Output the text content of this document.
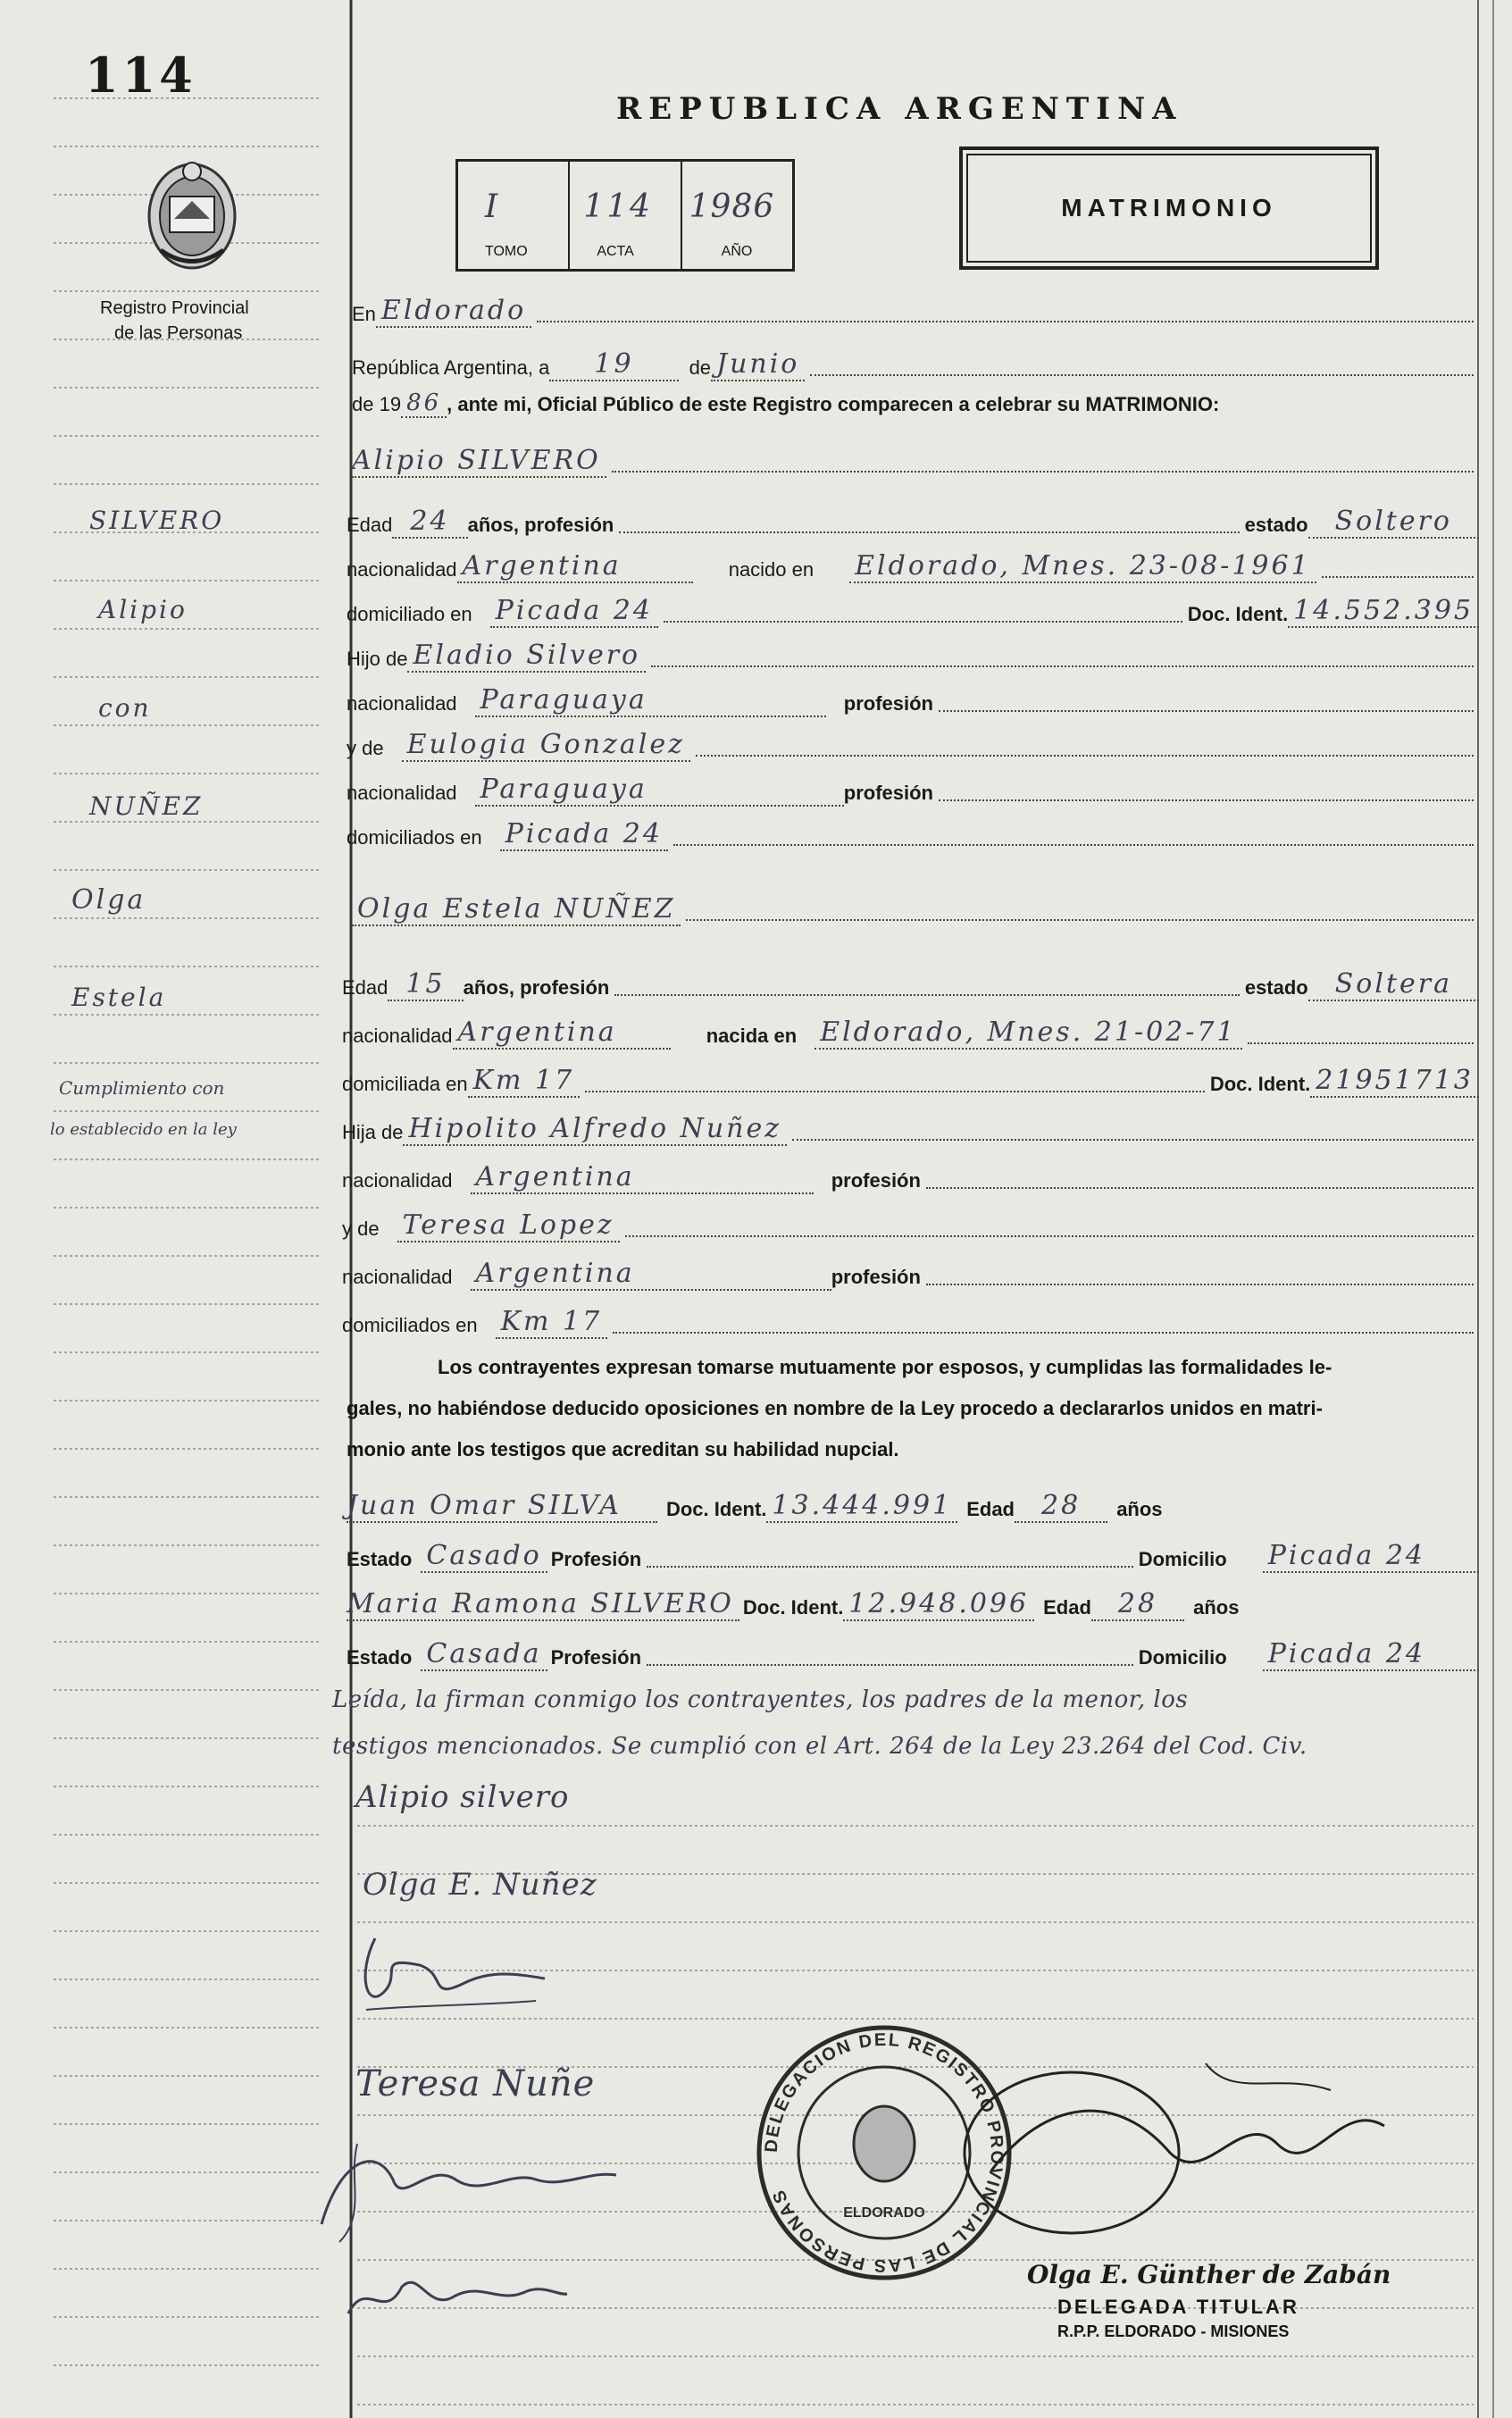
114
Registro Provincial
de las Personas
REPUBLICA ARGENTINA
I
TOMO
114
ACTA
1986
AÑO
MATRIMONIO
En Eldorado
República Argentina, a	19	de Junio
de 19 86 , ante mi, Oficial Público de este Registro comparecen a celebrar su MATRIMONIO:
Alipio SILVERO
Edad 24 años, profesión	estado	Soltero
nacionalidad Argentina	nacido en Eldorado, Mnes. 23-08-1961
domiciliado en Picada 24	Doc. Ident. 14.552.395
Hijo de Eladio Silvero
nacionalidad Paraguaya	profesión
y de Eulogia Gonzalez
nacionalidad Paraguaya	profesión
domiciliados en Picada 24
Olga Estela NUÑEZ
Edad 15 años, profesión	estado	Soltera
nacionalidad Argentina	nacida en Eldorado, Mnes. 21-02-71
domiciliada en Km 17	Doc. Ident. 21951713
Hija de Hipolito Alfredo Nuñez
nacionalidad Argentina	profesión
y de Teresa Lopez
nacionalidad Argentina	profesión
domiciliados en Km 17
Los contrayentes expresan tomarse mutuamente por esposos, y cumplidas las formalidades le-
gales, no habiéndose deducido oposiciones en nombre de la Ley procedo a declararlos unidos en matri-
monio ante los testigos que acreditan su habilidad nupcial.
Juan Omar SILVA	Doc. Ident. 13.444.991 Edad	28	años
Estado Casado Profesión	Domicilio Picada 24
Maria Ramona SILVERO Doc. Ident. 12.948.096 Edad	28	años
Estado Casada Profesión	Domicilio Picada 24
Leída, la firman conmigo los contrayentes, los padres de la menor, los
testigos mencionados. Se cumplió con el Art. 264 de la Ley 23.264 del Cod. Civ.
Alipio silvero
Olga E. Nuñez
Teresa Nuñe
DELEGACION DEL REGISTRO PROVINCIAL DE LAS PERSONAS
ELDORADO
Olga E. Günther de Zabán
DELEGADA TITULAR
R.P.P. ELDORADO - MISIONES
SILVERO
Alipio
con
NUÑEZ
Olga
Estela
Cumplimiento con
lo establecido en la ley
